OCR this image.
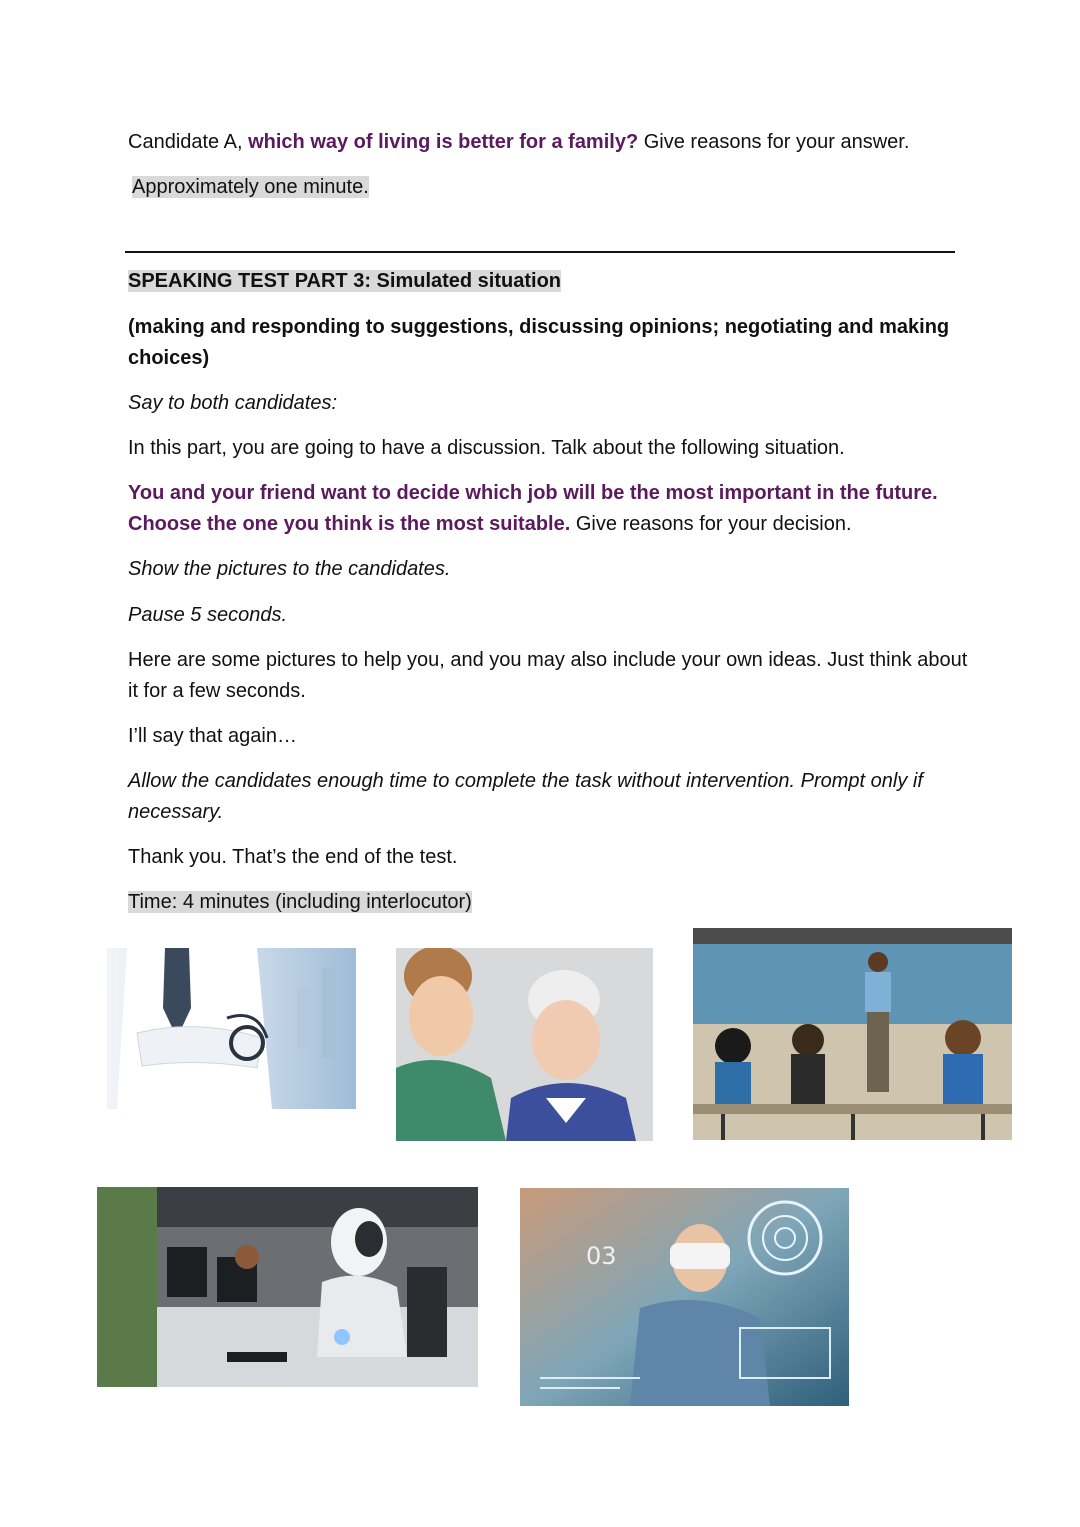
Candidate A, which way of living is better for a family? Give reasons for your answer.
Approximately one minute.
SPEAKING TEST PART 3: Simulated situation
(making and responding to suggestions, discussing opinions; negotiating and making choices)
Say to both candidates:
In this part, you are going to have a discussion. Talk about the following situation.
You and your friend want to decide which job will be the most important in the future. Choose the one you think is the most suitable. Give reasons for your decision.
Show the pictures to the candidates.
Pause 5 seconds.
Here are some pictures to help you, and you may also include your own ideas. Just think about it for a few seconds.
I’ll say that again…
Allow the candidates enough time to complete the task without intervention. Prompt only if necessary.
Thank you. That’s the end of the test.
Time: 4 minutes (including interlocutor)
03
